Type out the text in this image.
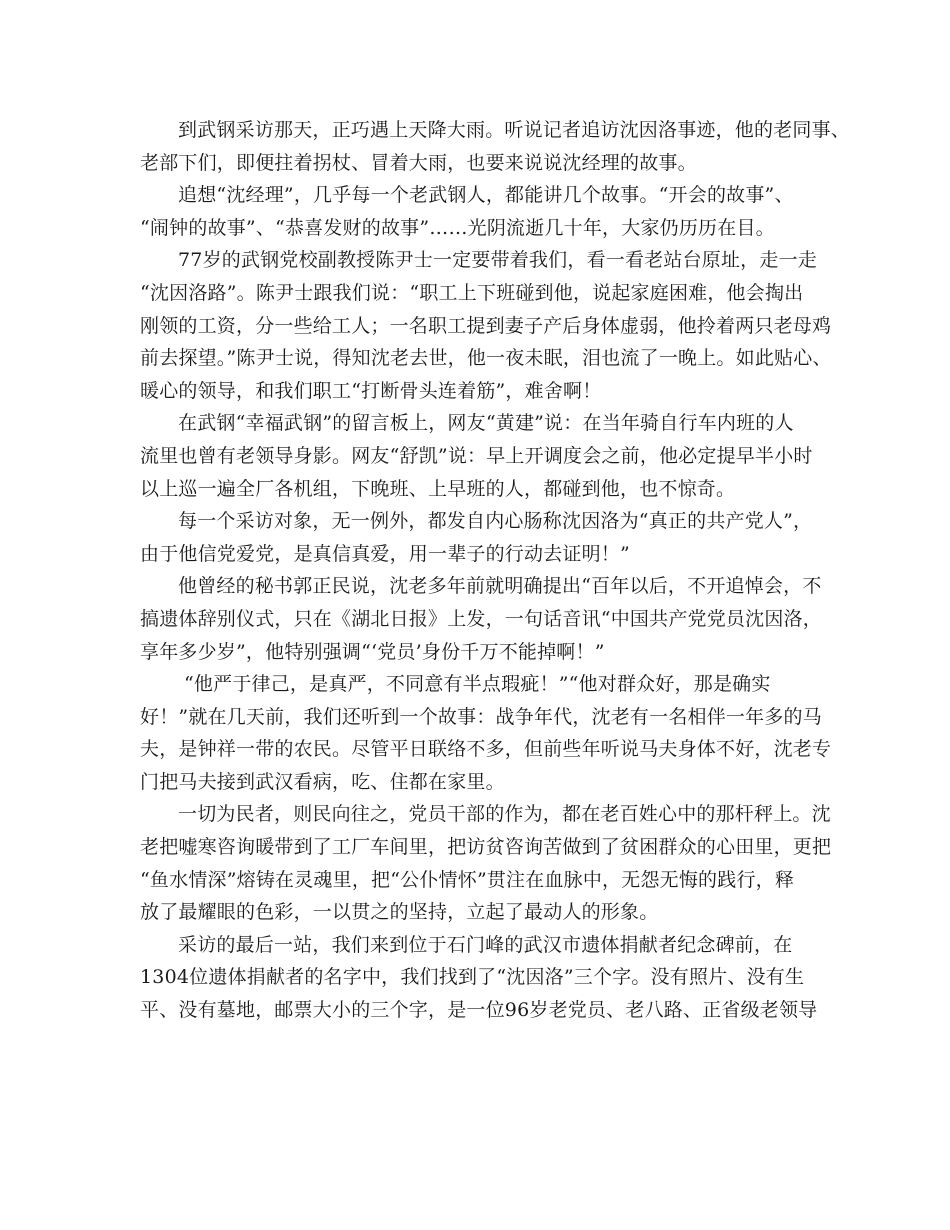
到武钢采访那天，正巧遇上天降大雨。听说记者追访沈因洛事迹，他的老同事、
老部下们，即便拄着拐杖、冒着大雨，也要来说说沈经理的故事。
追想“沈经理”，几乎每一个老武钢人，都能讲几个故事。“开会的故事”、
“闹钟的故事”、“恭喜发财的故事”……光阴流逝几十年，大家仍历历在目。
77岁的武钢党校副教授陈尹士一定要带着我们，看一看老站台原址，走一走
“沈因洛路”。陈尹士跟我们说：“职工上下班碰到他，说起家庭困难，他会掏出
刚领的工资，分一些给工人；一名职工提到妻子产后身体虚弱，他拎着两只老母鸡
前去探望。”陈尹士说，得知沈老去世，他一夜未眠，泪也流了一晚上。如此贴心、
暖心的领导，和我们职工“打断骨头连着筋”，难舍啊！
在武钢“幸福武钢”的留言板上，网友“黄建”说：在当年骑自行车内班的人
流里也曾有老领导身影。网友“舒凯”说：早上开调度会之前，他必定提早半小时
以上巡一遍全厂各机组，下晚班、上早班的人，都碰到他，也不惊奇。
每一个采访对象，无一例外，都发自内心肠称沈因洛为“真正的共产党人”，
由于他信党爱党，是真信真爱，用一辈子的行动去证明！”
他曾经的秘书郭正民说，沈老多年前就明确提出“百年以后，不开追悼会，不
搞遗体辞别仪式，只在《湖北日报》上发，一句话音讯“中国共产党党员沈因洛，
享年多少岁”，他特别强调“‘党员’身份千万不能掉啊！”
“他严于律己，是真严，不同意有半点瑕疵！”“他对群众好，那是确实
好！”就在几天前，我们还听到一个故事：战争年代，沈老有一名相伴一年多的马
夫，是钟祥一带的农民。尽管平日联络不多，但前些年听说马夫身体不好，沈老专
门把马夫接到武汉看病，吃、住都在家里。
一切为民者，则民向往之，党员干部的作为，都在老百姓心中的那杆秤上。沈
老把嘘寒咨询暖带到了工厂车间里，把访贫咨询苦做到了贫困群众的心田里，更把
“鱼水情深”熔铸在灵魂里，把“公仆情怀”贯注在血脉中，无怨无悔的践行，释
放了最耀眼的色彩，一以贯之的坚持，立起了最动人的形象。
采访的最后一站，我们来到位于石门峰的武汉市遗体捐献者纪念碑前，在
1304位遗体捐献者的名字中，我们找到了“沈因洛”三个字。没有照片、没有生
平、没有墓地，邮票大小的三个字，是一位96岁老党员、老八路、正省级老领导
